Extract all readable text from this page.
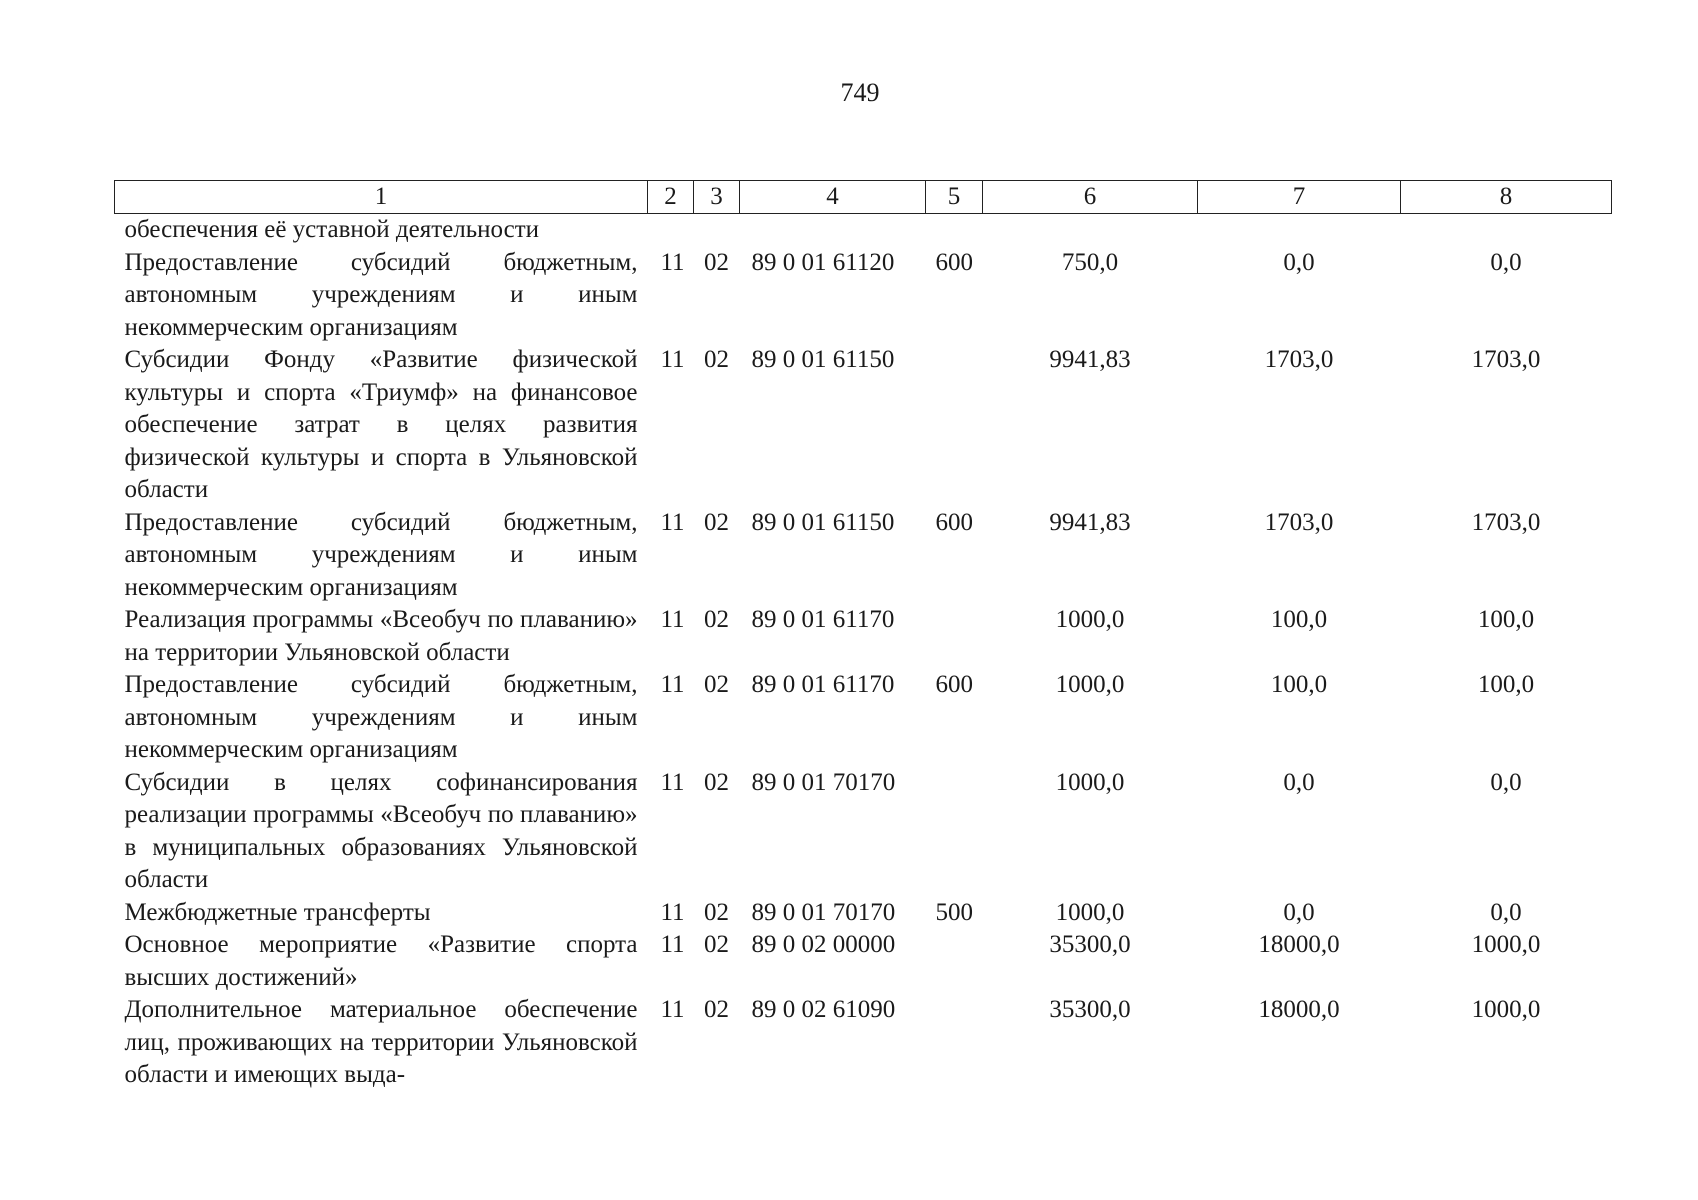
749
1	2	3	4	5	6	7	8
обеспечения её уставной деятельности							
Предоставление субсидий бюджетным, автономным учреждениям и иным некоммерческим организациям	11	02	89 0 01 61120	600	750,0	0,0	0,0
Субсидии Фонду «Развитие физической культуры и спорта «Триумф» на финансовое обеспечение затрат в целях развития физической культуры и спорта в Ульяновской области	11	02	89 0 01 61150		9941,83	1703,0	1703,0
Предоставление субсидий бюджетным, автономным учреждениям и иным некоммерческим организациям	11	02	89 0 01 61150	600	9941,83	1703,0	1703,0
Реализация программы «Всеобуч по плаванию» на территории Ульяновской области	11	02	89 0 01 61170		1000,0	100,0	100,0
Предоставление субсидий бюджетным, автономным учреждениям и иным некоммерческим организациям	11	02	89 0 01 61170	600	1000,0	100,0	100,0
Субсидии в целях софинансирования реализации программы «Всеобуч по плаванию» в муниципальных образованиях Ульяновской области	11	02	89 0 01 70170		1000,0	0,0	0,0
Межбюджетные трансферты	11	02	89 0 01 70170	500	1000,0	0,0	0,0
Основное мероприятие «Развитие спорта высших достижений»	11	02	89 0 02 00000		35300,0	18000,0	1000,0
Дополнительное материальное обеспечение лиц, проживающих на территории Ульяновской области и имеющих выда-	11	02	89 0 02 61090		35300,0	18000,0	1000,0
